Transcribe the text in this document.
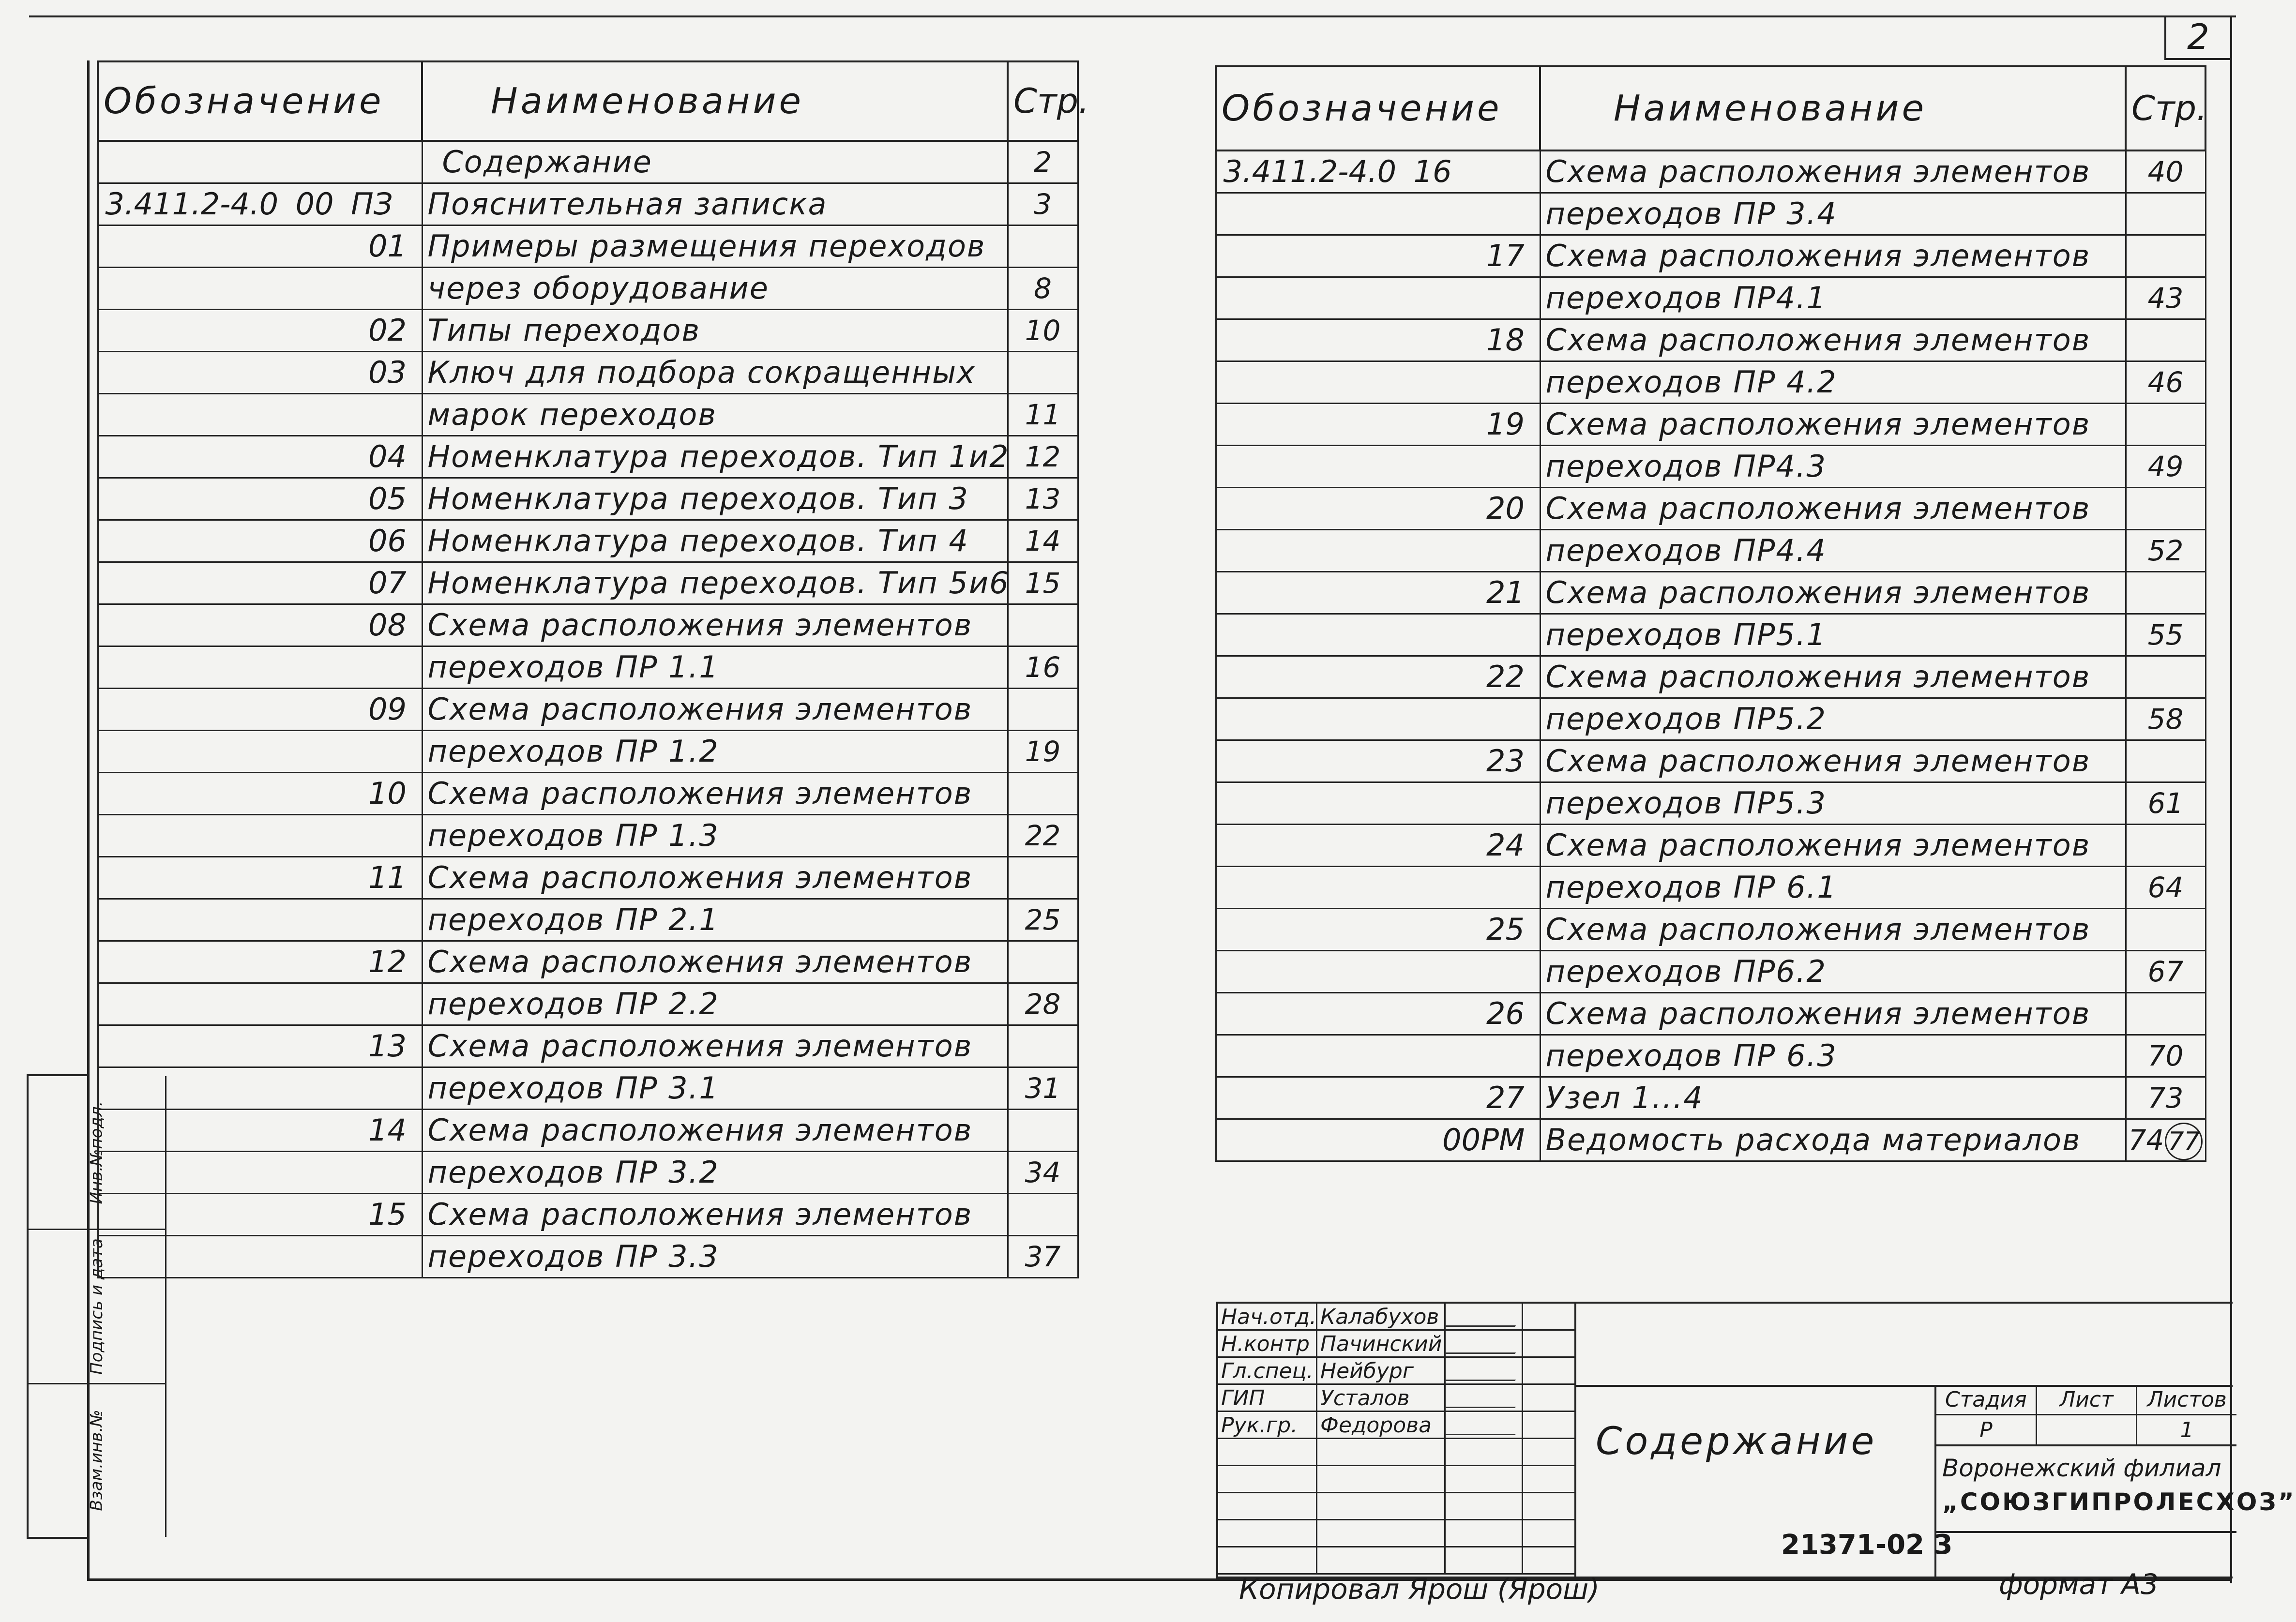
2
Инв.№подл.
Подпись и дата
Взам.инв.№
Обозначение	Наименование	Стр.
	Содержание	2
3.411.2-4.0 00 ПЗ	Пояснительная записка	3
01	Примеры размещения переходов	
	через оборудование	8
02	Типы переходов	10
03	Ключ для подбора сокращенных	
	марок переходов	11
04	Номенклатура переходов. Тип 1и2	12
05	Номенклатура переходов. Тип 3	13
06	Номенклатура переходов. Тип 4	14
07	Номенклатура переходов. Тип 5и6	15
08	Схема расположения элементов	
	переходов ПР 1.1	16
09	Схема расположения элементов	
	переходов ПР 1.2	19
10	Схема расположения элементов	
	переходов ПР 1.3	22
11	Схема расположения элементов	
	переходов ПР 2.1	25
12	Схема расположения элементов	
	переходов ПР 2.2	28
13	Схема расположения элементов	
	переходов ПР 3.1	31
14	Схема расположения элементов	
	переходов ПР 3.2	34
15	Схема расположения элементов	
	переходов ПР 3.3	37
Обозначение	Наименование	Стр.
3.411.2-4.0 16	Схема расположения элементов	40
	переходов ПР 3.4	
17	Схема расположения элементов	
	переходов ПР4.1	43
18	Схема расположения элементов	
	переходов ПР 4.2	46
19	Схема расположения элементов	
	переходов ПР4.3	49
20	Схема расположения элементов	
	переходов ПР4.4	52
21	Схема расположения элементов	
	переходов ПР5.1	55
22	Схема расположения элементов	
	переходов ПР5.2	58
23	Схема расположения элементов	
	переходов ПР5.3	61
24	Схема расположения элементов	
	переходов ПР 6.1	64
25	Схема расположения элементов	
	переходов ПР6.2	67
26	Схема расположения элементов	
	переходов ПР 6.3	70
27	Узел 1...4	73
00РМ	Ведомость расхода материалов	74 77
Нач.отд. Калабухов
Н.контр Пачинский
Гл.спец. Нейбург
ГИП	Усталов
Рук.гр.	Федорова	Содержание
Стадия	Лист	Листов
Р	1
Воронежский филиал
„СОЮЗГИПРОЛЕСХОЗ”
21371-02 3
Копировал Ярош (Ярош)	формат А3
